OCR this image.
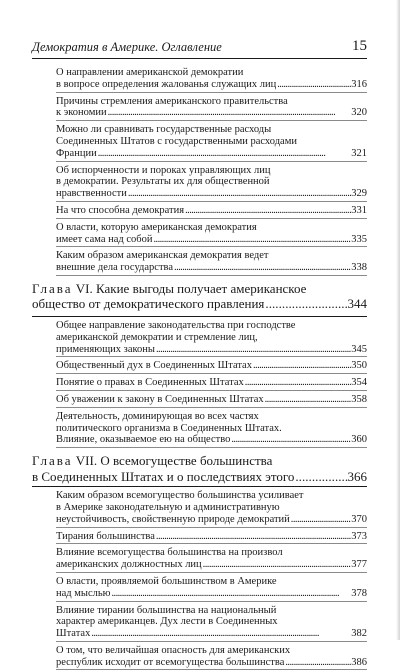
Демократия в Америке. Оглавление	15
О направлении американской демократии
в вопросе определения жалованья служащих лиц . . .	316
Причины стремления американского правительства
к экономии . . .	320
Можно ли сравнивать государственные расходы
Соединенных Штатов с государственными расходами
Франции . . .	321
Об испорченности и пороках управляющих лиц
в демократии. Результаты их для общественной
нравственности . . .	329
На что способна демократия . . .	331
О власти, которую американская демократия
имеет сама над собой . . .	335
Каким образом американская демократия ведет
внешние дела государства . . .	338
Глава VI. Какие выгоды получает американское
общество от демократического правления . . .	344
Общее направление законодательства при господстве
американской демократии и стремление лиц,
применяющих законы . . .	345
Общественный дух в Соединенных Штатах . . .	350
Понятие о правах в Соединенных Штатах . . .	354
Об уважении к закону в Соединенных Штатах . . .	358
Деятельность, доминирующая во всех частях
политического организма в Соединенных Штатах.
Влияние, оказываемое ею на общество . . .	360
Глава VII. О всемогуществе большинства
в Соединенных Штатах и о последствиях этого . . .	366
Каким образом всемогущество большинства усиливает
в Америке законодательную и административную
неустойчивость, свойственную природе демократий . . .	370
Тирания большинства . . .	373
Влияние всемогущества большинства на произвол
американских должностных лиц . . .	377
О власти, проявляемой большинством в Америке
над мыслью . . .	378
Влияние тирании большинства на национальный
характер американцев. Дух лести в Соединенных
Штатах . . .	382
О том, что величайшая опасность для американских
республик исходит от всемогущества большинства . . .	386
